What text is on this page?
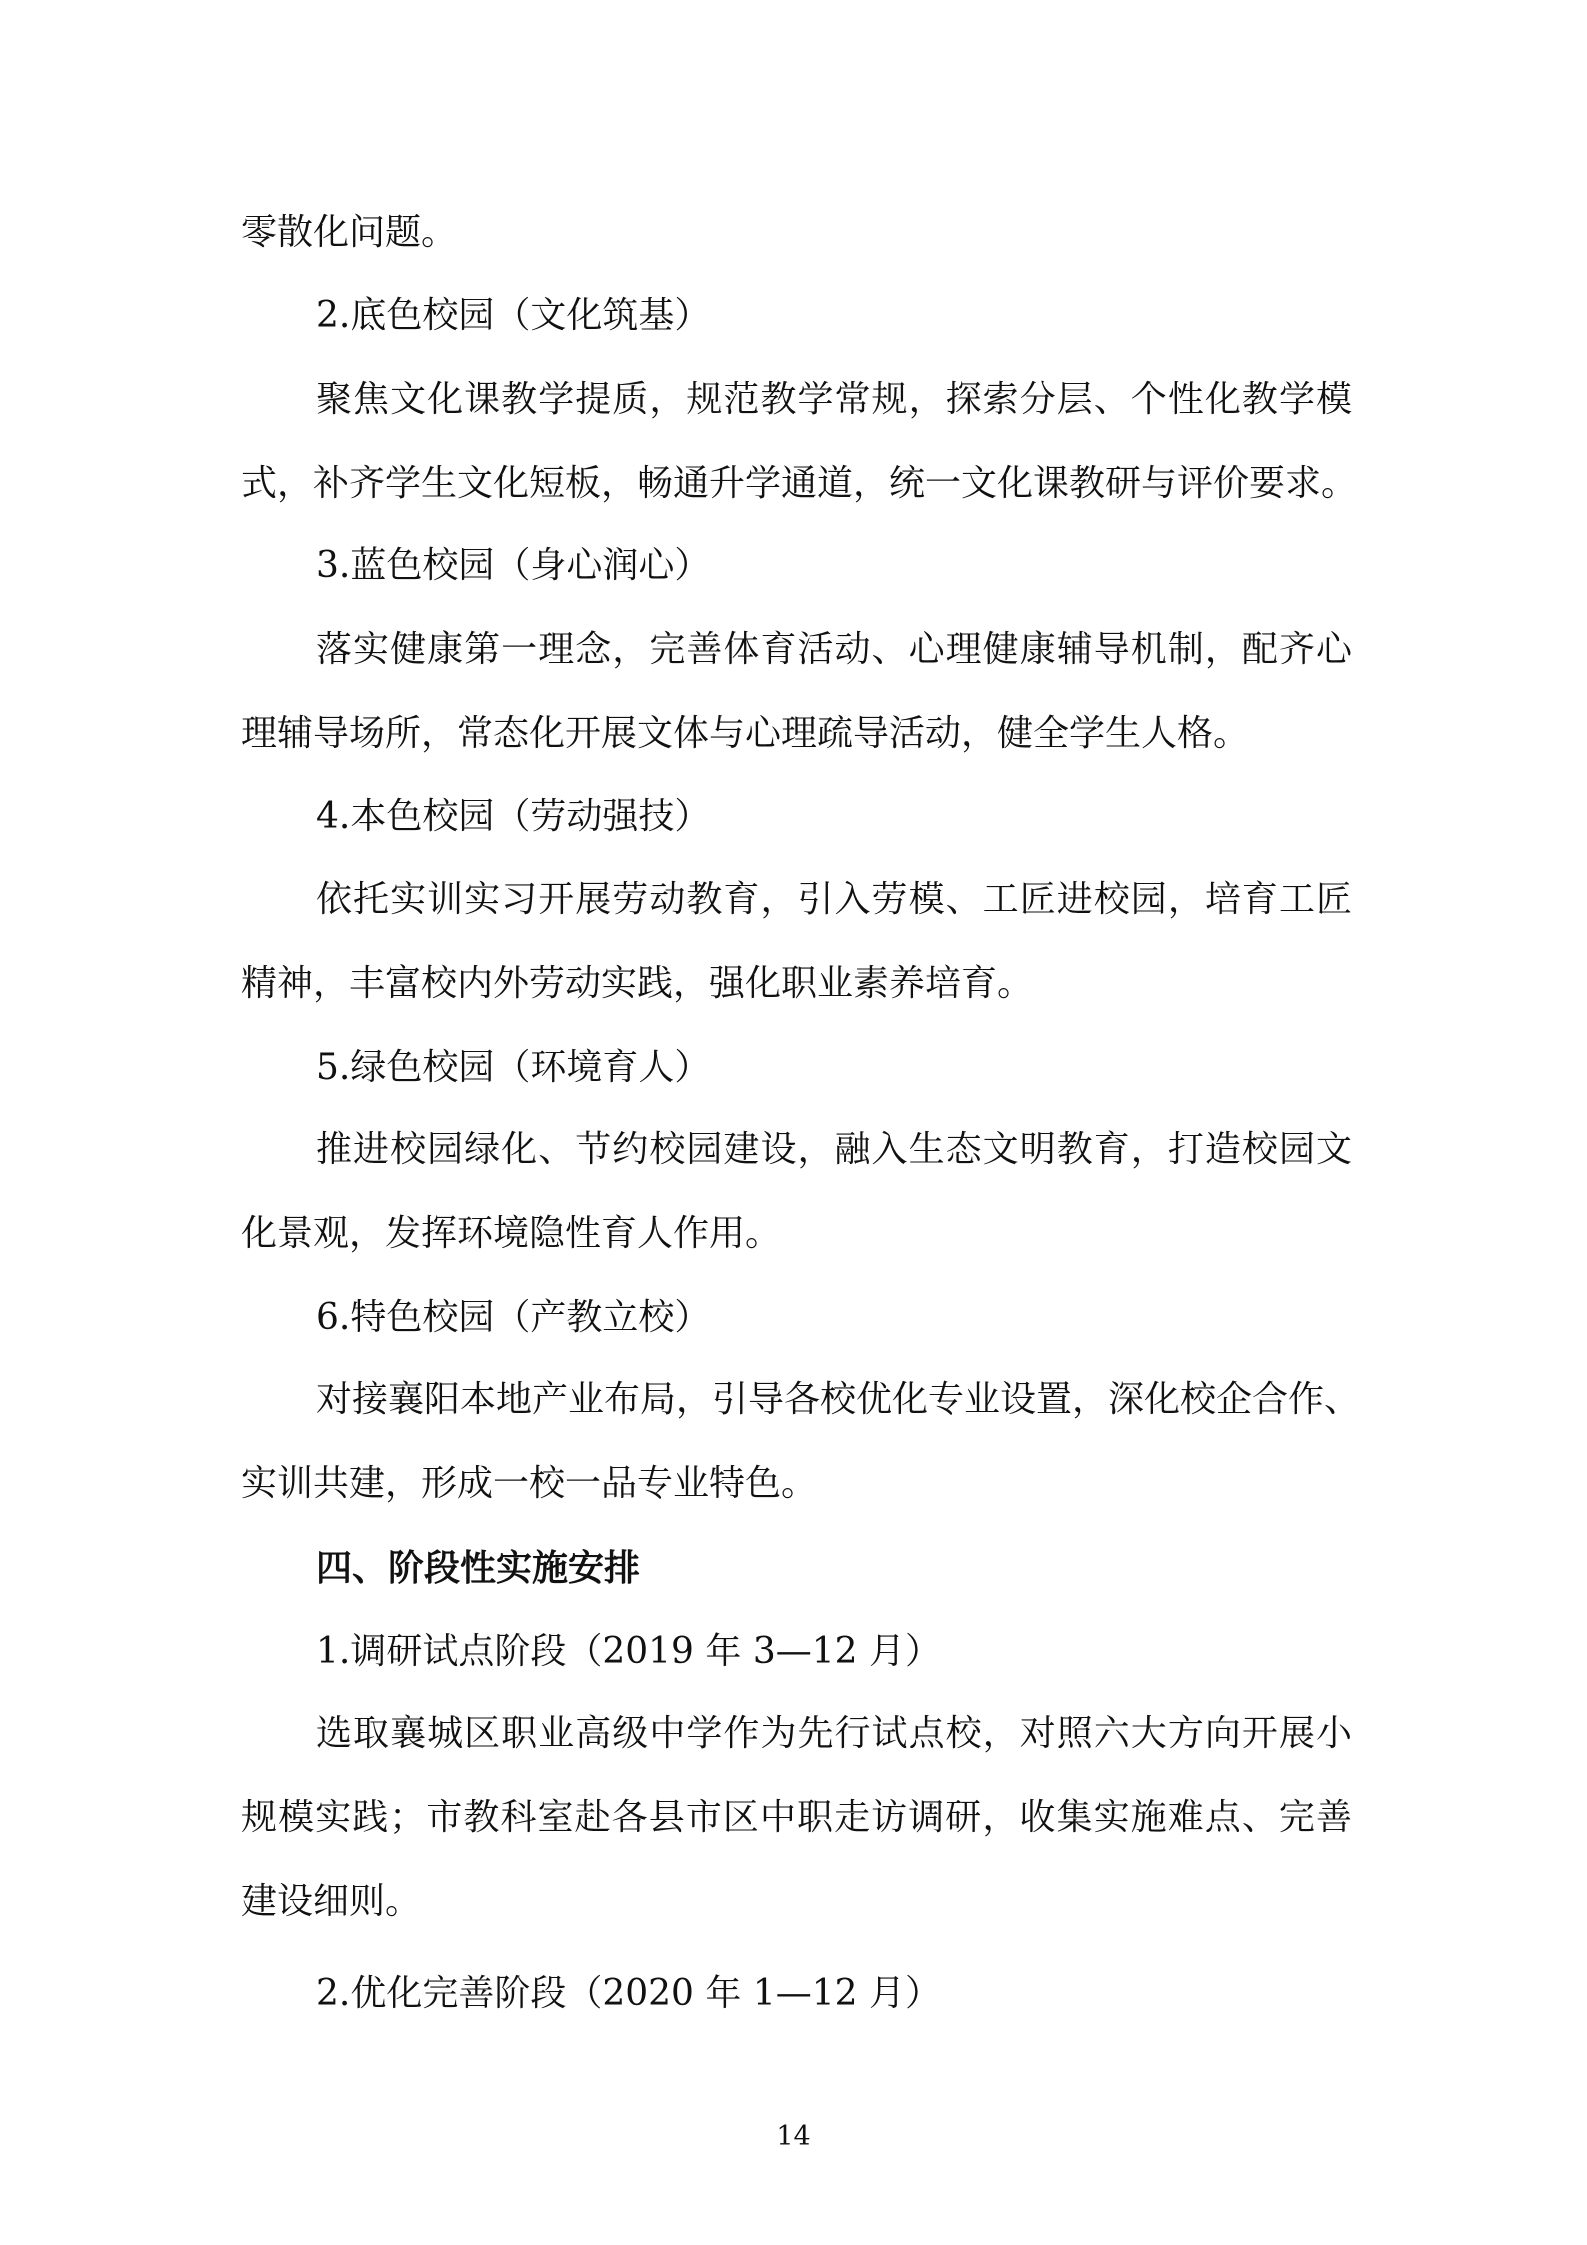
零散化问题。
2.底色校园（文化筑基）
聚焦文化课教学提质，规范教学常规，探索分层、个性化教学模
式，补齐学生文化短板，畅通升学通道，统一文化课教研与评价要求。
3.蓝色校园（身心润心）
落实健康第一理念，完善体育活动、心理健康辅导机制，配齐心
理辅导场所，常态化开展文体与心理疏导活动，健全学生人格。
4.本色校园（劳动强技）
依托实训实习开展劳动教育，引入劳模、工匠进校园，培育工匠
精神，丰富校内外劳动实践，强化职业素养培育。
5.绿色校园（环境育人）
推进校园绿化、节约校园建设，融入生态文明教育，打造校园文
化景观，发挥环境隐性育人作用。
6.特色校园（产教立校）
对接襄阳本地产业布局，引导各校优化专业设置，深化校企合作、
实训共建，形成一校一品专业特色。
四、阶段性实施安排
1.调研试点阶段（2019 年 3—12 月）
选取襄城区职业高级中学作为先行试点校，对照六大方向开展小
规模实践；市教科室赴各县市区中职走访调研，收集实施难点、完善
建设细则。
2.优化完善阶段（2020 年 1—12 月）
14
